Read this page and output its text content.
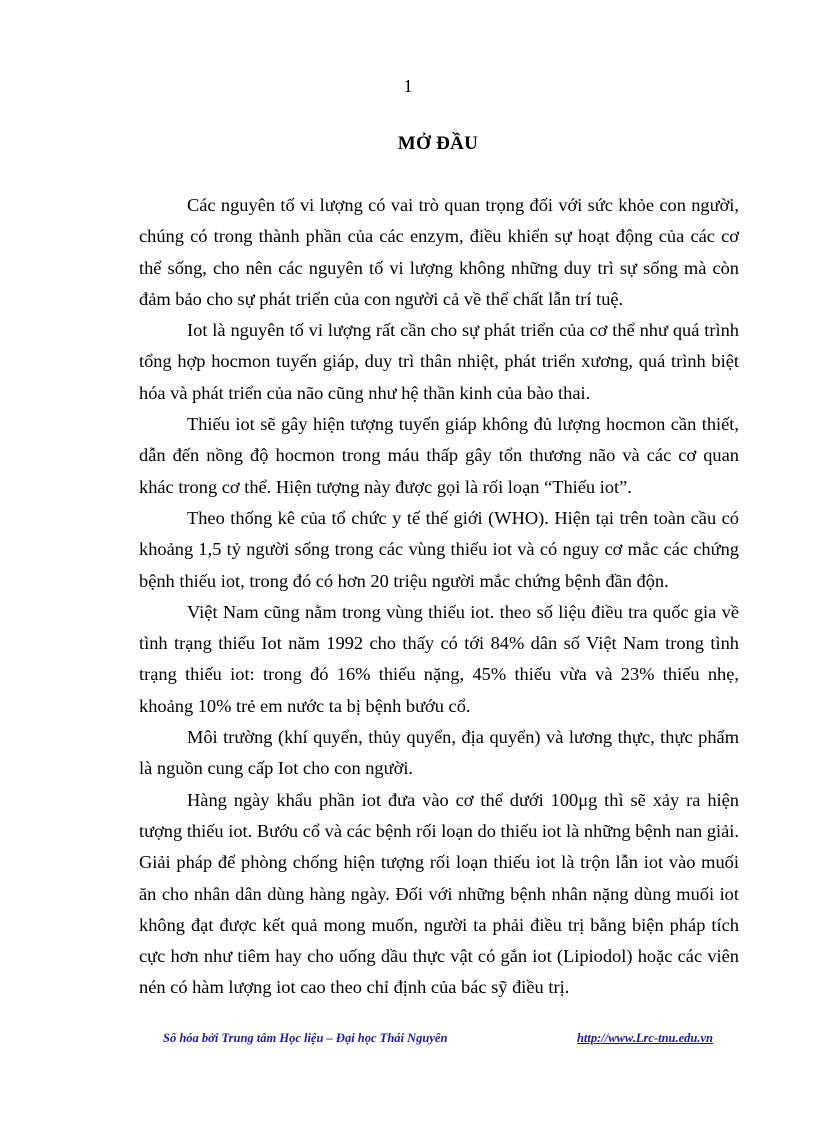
1
MỞ ĐẦU

Các nguyên tố vi lượng có vai trò quan trọng đối với sức khỏe con người, chúng có trong thành phần của các enzym, điều khiển sự hoạt động của các cơ thể sống, cho nên các nguyên tố vi lượng không những duy trì sự sống mà còn đảm bảo cho sự phát triển của con người cả về thể chất lẫn trí tuệ.

Iot là nguyên tố vi lượng rất cần cho sự phát triển của cơ thể như quá trình tổng hợp hocmon tuyến giáp, duy trì thân nhiệt, phát triển xương, quá trình biệt hóa và phát triển của não cũng như hệ thần kinh của bào thai.

Thiếu iot sẽ gây hiện tượng tuyến giáp không đủ lượng hocmon cần thiết, dẫn đến nồng độ hocmon trong máu thấp gây tổn thương não và các cơ quan khác trong cơ thể. Hiện tượng này được gọi là rối loạn “Thiếu iot”.

Theo thống kê của tổ chức y tế thế giới (WHO). Hiện tại trên toàn cầu có khoảng 1,5 tỷ người sống trong các vùng thiếu iot và có nguy cơ mắc các chứng bệnh thiếu iot, trong đó có hơn 20 triệu người mắc chứng bệnh đần độn.

Việt Nam cũng nằm trong vùng thiếu iot. theo số liệu điều tra quốc gia về tình trạng thiếu Iot năm 1992 cho thấy có tới 84% dân số Việt Nam trong tình trạng thiếu iot: trong đó 16% thiếu nặng, 45% thiếu vừa và 23% thiếu nhẹ, khoảng 10% trẻ em nước ta bị bệnh bướu cổ.

Môi trường (khí quyển, thủy quyển, địa quyển) và lương thực, thực phẩm là nguồn cung cấp Iot cho con người.

Hàng ngày khẩu phần iot đưa vào cơ thể dưới 100μg thì sẽ xảy ra hiện tượng thiếu iot. Bướu cổ và các bệnh rối loạn do thiếu iot là những bệnh nan giải. Giải pháp để phòng chống hiện tượng rối loạn thiếu iot là trộn lẫn iot vào muối ăn cho nhân dân dùng hàng ngày. Đối với những bệnh nhân nặng dùng muối iot không đạt được kết quả mong muốn, người ta phải điều trị bằng biện pháp tích cực hơn như tiêm hay cho uống dầu thực vật có gắn iot (Lipiodol) hoặc các viên nén có hàm lượng iot cao theo chỉ định của bác sỹ điều trị.

Số hóa bởi Trung tâm Học liệu – Đại học Thái Nguyên	http://www.Lrc-tnu.edu.vn
